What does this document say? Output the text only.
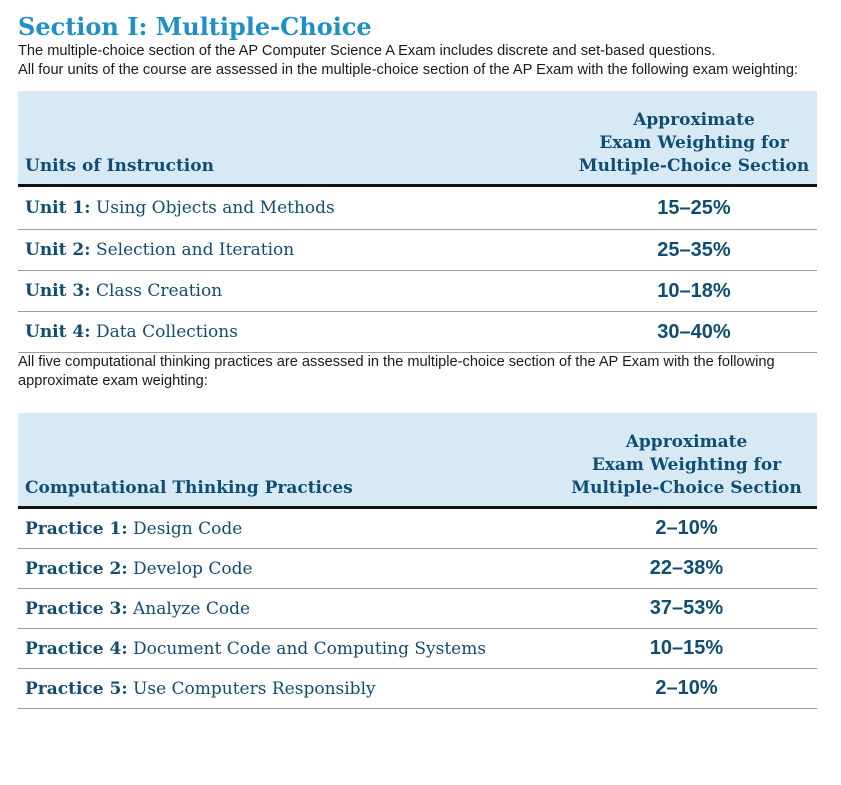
Section I: Multiple-Choice

The multiple-choice section of the AP Computer Science A Exam includes discrete and set-based questions.

All four units of the course are assessed in the multiple-choice section of the AP Exam with the following exam weighting:

Units of Instruction	Approximate
Exam Weighting for
Multiple-Choice Section
Unit 1: Using Objects and Methods	15–25%
Unit 2: Selection and Iteration	25–35%
Unit 3: Class Creation	10–18%
Unit 4: Data Collections	30–40%

All five computational thinking practices are assessed in the multiple-choice section of the AP Exam with the following approximate exam weighting:

Computational Thinking Practices	Approximate
Exam Weighting for
Multiple-Choice Section
Practice 1: Design Code	2–10%
Practice 2: Develop Code	22–38%
Practice 3: Analyze Code	37–53%
Practice 4: Document Code and Computing Systems	10–15%
Practice 5: Use Computers Responsibly	2–10%
